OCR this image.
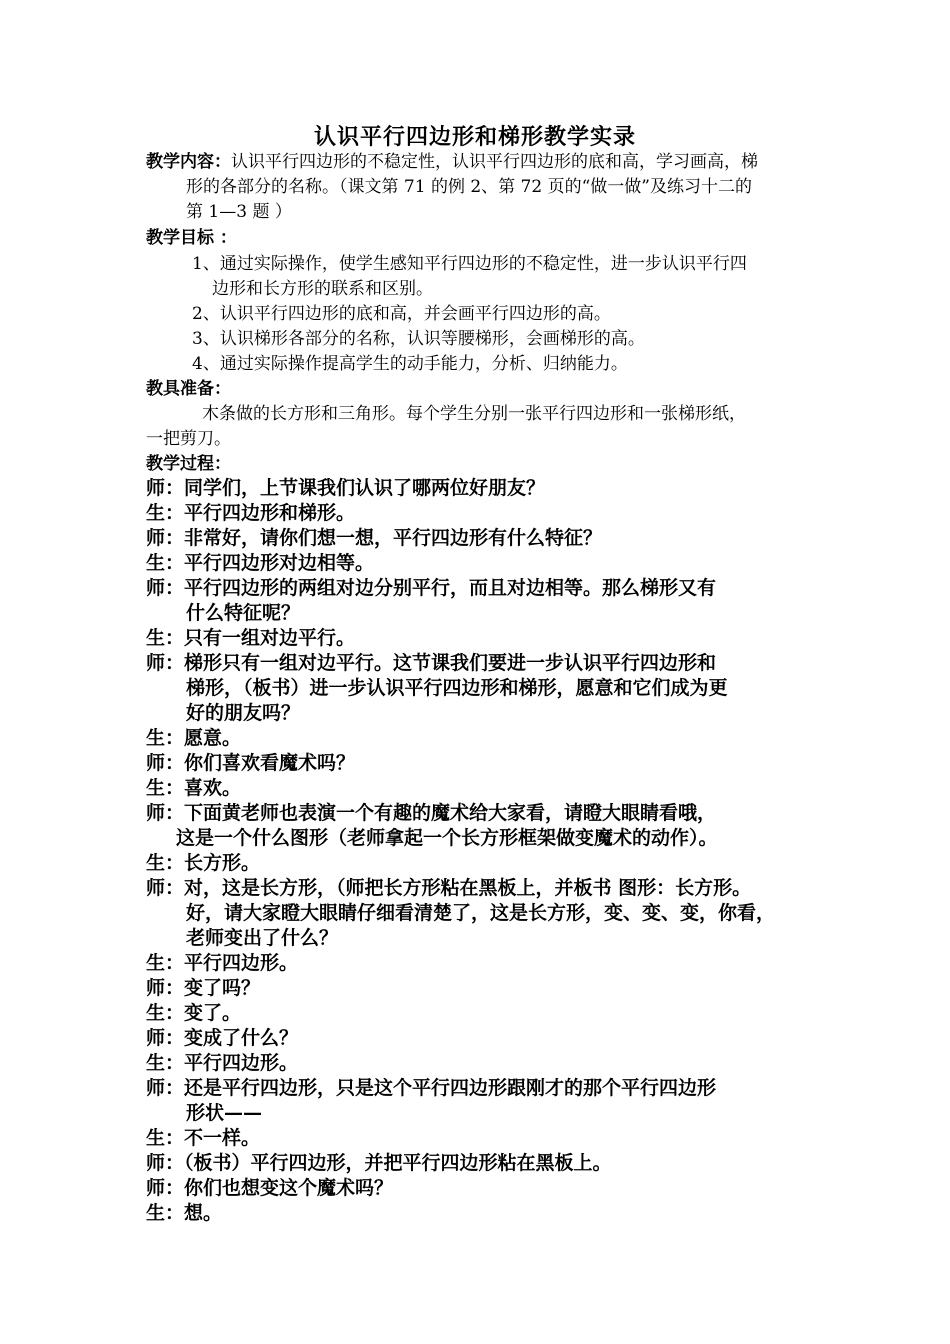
认识平行四边形和梯形教学实录
教学内容：认识平行四边形的不稳定性，认识平行四边形的底和高，学习画高，梯
形的各部分的名称。（课文第 71 的例 2、第 72 页的“做一做”及练习十二的
第 1—3 题 ）
教学目标 ：
1、通过实际操作，使学生感知平行四边形的不稳定性，进一步认识平行四
边形和长方形的联系和区别。
2、认识平行四边形的底和高，并会画平行四边形的高。
3、认识梯形各部分的名称，认识等腰梯形，会画梯形的高。
4、通过实际操作提高学生的动手能力，分析、归纳能力。
教具准备：
木条做的长方形和三角形。每个学生分别一张平行四边形和一张梯形纸，
一把剪刀。
教学过程：
师：同学们，上节课我们认识了哪两位好朋友？
生：平行四边形和梯形。
师：非常好，请你们想一想，平行四边形有什么特征？
生：平行四边形对边相等。
师：平行四边形的两组对边分别平行，而且对边相等。那么梯形又有
什么特征呢？
生：只有一组对边平行。
师：梯形只有一组对边平行。这节课我们要进一步认识平行四边形和
梯形，（板书）进一步认识平行四边形和梯形，愿意和它们成为更
好的朋友吗？
生：愿意。
师：你们喜欢看魔术吗？
生：喜欢。
师：下面黄老师也表演一个有趣的魔术给大家看，请瞪大眼睛看哦，
这是一个什么图形（老师拿起一个长方形框架做变魔术的动作）。
生：长方形。
师：对，这是长方形，（师把长方形粘在黑板上，并板书 图形：长方形。
好，请大家瞪大眼睛仔细看清楚了，这是长方形，变、变、变，你看，
老师变出了什么？
生：平行四边形。
师：变了吗？
生：变了。
师：变成了什么？
生：平行四边形。
师：还是平行四边形，只是这个平行四边形跟刚才的那个平行四边形
形状——
生：不一样。
师：（板书）平行四边形，并把平行四边形粘在黑板上。
师：你们也想变这个魔术吗？
生：想。
